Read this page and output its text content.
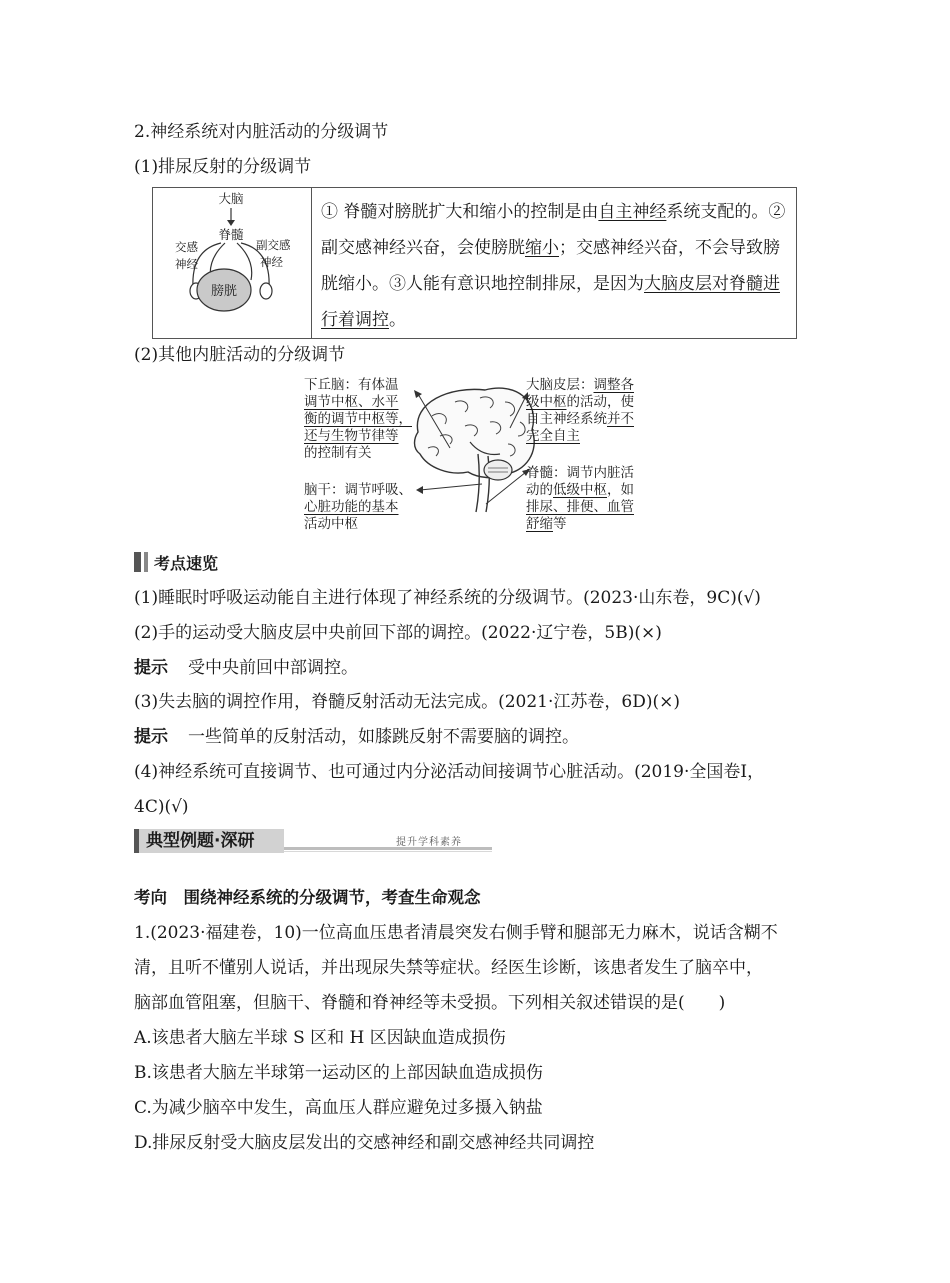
2.神经系统对内脏活动的分级调节
(1)排尿反射的分级调节
大脑
脊髓
交感
神经
副交感
神经
膀胱
① 脊髓对膀胱扩大和缩小的控制是由自主神经系统支配的。②副交感神经兴奋，会使膀胱缩小；交感神经兴奋，不会导致膀胱缩小。③人能有意识地控制排尿，是因为大脑皮层对脊髓进行着调控。
(2)其他内脏活动的分级调节
下丘脑：有体温
调节中枢、水平
衡的调节中枢等，
还与生物节律等
的控制有关
脑干：调节呼吸、
心脏功能的基本
活动中枢
大脑皮层：调整各
级中枢的活动，使
自主神经系统并不
完全自主
脊髓：调节内脏活
动的低级中枢，如
排尿、排便、血管
舒缩等
考点速览
(1)睡眠时呼吸运动能自主进行体现了神经系统的分级调节。(2023·山东卷，9C)(√)
(2)手的运动受大脑皮层中央前回下部的调控。(2022·辽宁卷，5B)(×)
提示 受中央前回中部调控。
(3)失去脑的调控作用，脊髓反射活动无法完成。(2021·江苏卷，6D)(×)
提示 一些简单的反射活动，如膝跳反射不需要脑的调控。
(4)神经系统可直接调节、也可通过内分泌活动间接调节心脏活动。(2019·全国卷Ⅰ，
4C)(√)
典型例题·深研	提升学科素养
考向　围绕神经系统的分级调节，考查生命观念
1.(2023·福建卷，10)一位高血压患者清晨突发右侧手臂和腿部无力麻木，说话含糊不
清，且听不懂别人说话，并出现尿失禁等症状。经医生诊断，该患者发生了脑卒中，
脑部血管阻塞，但脑干、脊髓和脊神经等未受损。下列相关叙述错误的是(　　)
A.该患者大脑左半球 S 区和 H 区因缺血造成损伤
B.该患者大脑左半球第一运动区的上部因缺血造成损伤
C.为减少脑卒中发生，高血压人群应避免过多摄入钠盐
D.排尿反射受大脑皮层发出的交感神经和副交感神经共同调控
